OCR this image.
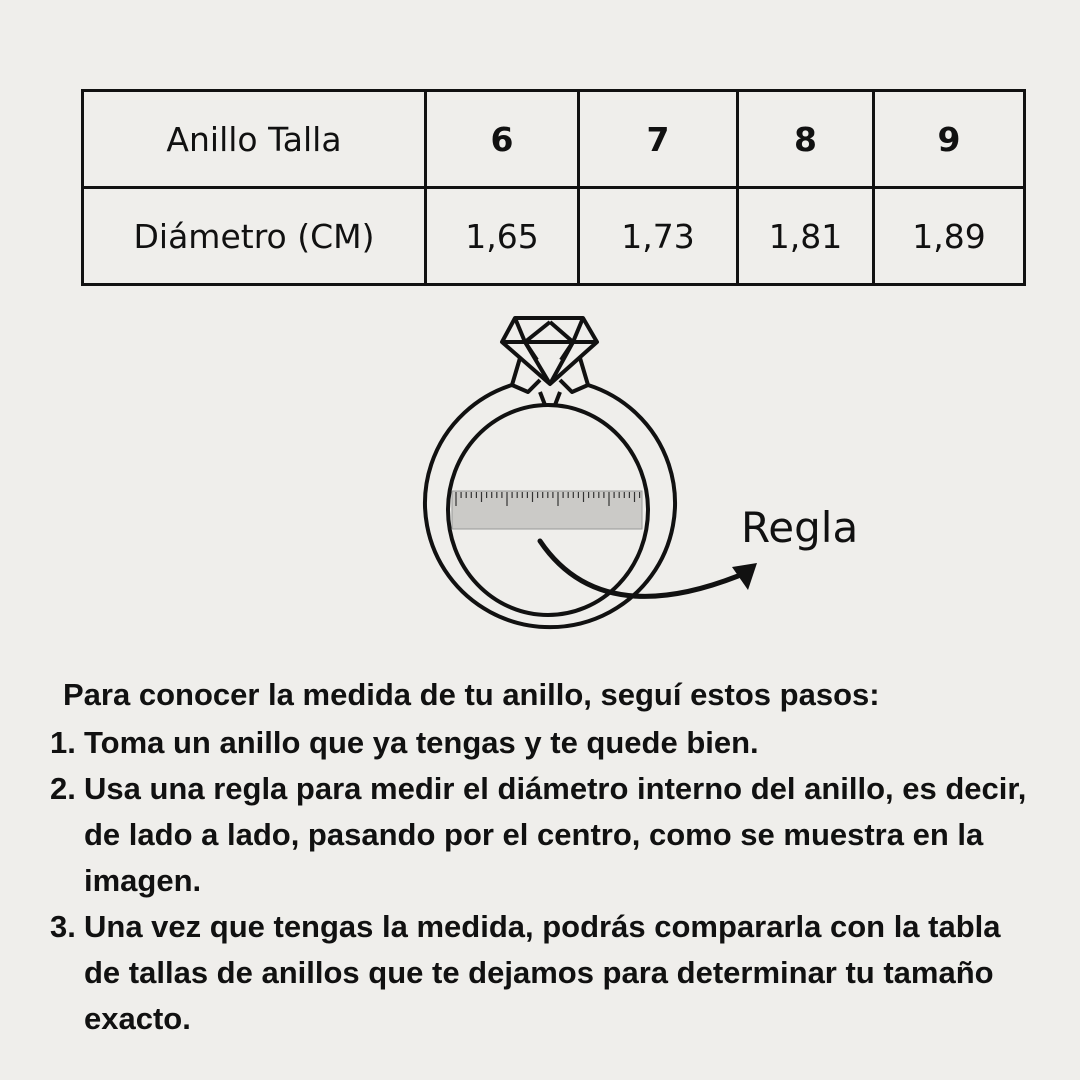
Anillo Talla	6	7	8	9
Diámetro (CM)	1,65	1,73	1,81	1,89
Regla
Para conocer la medida de tu anillo, seguí estos pasos:
1. Toma un anillo que ya tengas y te quede bien.
2. Usa una regla para medir el diámetro interno del anillo, es decir, de lado a lado, pasando por el centro, como se muestra en la imagen.
3. Una vez que tengas la medida, podrás compararla con la tabla de tallas de anillos que te dejamos para determinar tu tamaño exacto.
